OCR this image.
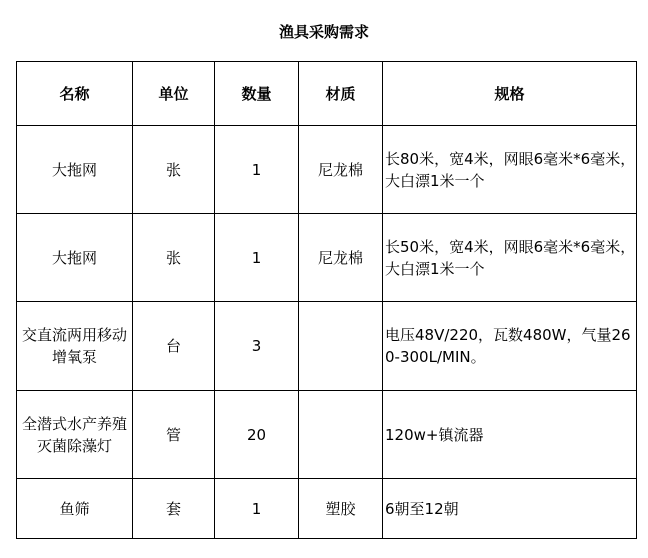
渔具采购需求
名称	单位	数量	材质	规格
大拖网	张	1	尼龙棉	长80米，宽4米，网眼6毫米*6毫米，大白漂1米一个
大拖网	张	1	尼龙棉	长50米，宽4米，网眼6毫米*6毫米，大白漂1米一个
交直流两用移动增氧泵	台	3		电压48V/220，瓦数480W，气量260-300L/MIN。
全潜式水产养殖灭菌除藻灯	管	20		120w+镇流器
鱼筛	套	1	塑胶	6朝至12朝
